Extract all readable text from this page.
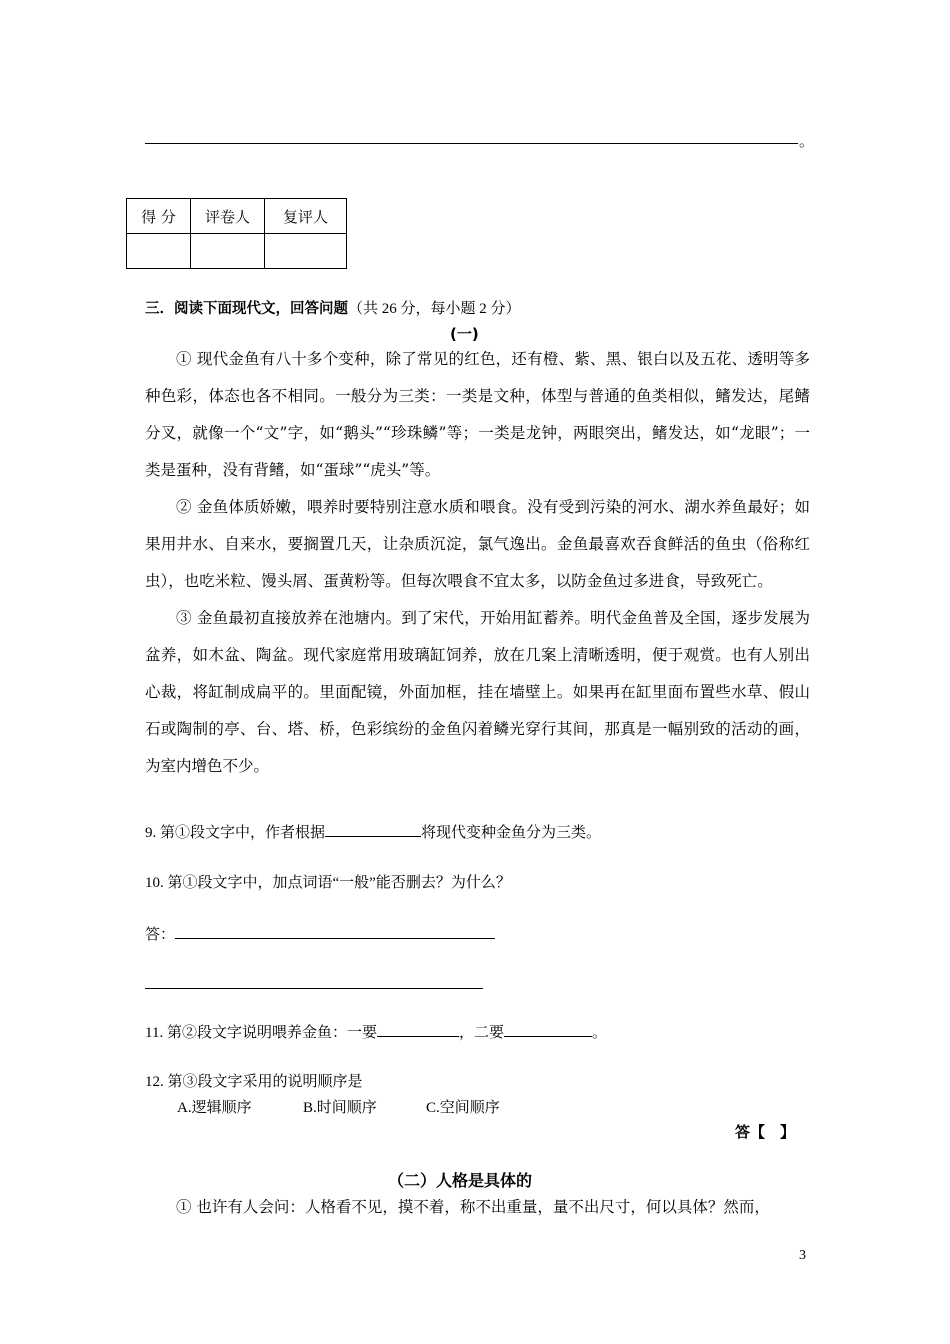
。
得 分	评卷人	复评人

三．阅读下面现代文，回答问题（共 26 分，每小题 2 分）
(一)

① 现代金鱼有八十多个变种，除了常见的红色，还有橙、紫、黑、银白以及五花、透明等多种色彩，体态也各不相同。一般分为三类：一类是文种，体型与普通的鱼类相似，鳍发达，尾鳍分叉，就像一个“文”字，如“鹅头”“珍珠鳞”等；一类是龙钟，两眼突出，鳍发达，如“龙眼”；一类是蛋种，没有背鳍，如“蛋球”“虎头”等。

② 金鱼体质娇嫩，喂养时要特别注意水质和喂食。没有受到污染的河水、湖水养鱼最好；如果用井水、自来水，要搁置几天，让杂质沉淀，氯气逸出。金鱼最喜欢吞食鲜活的鱼虫（俗称红虫），也吃米粒、馒头屑、蛋黄粉等。但每次喂食不宜太多，以防金鱼过多进食，导致死亡。

③ 金鱼最初直接放养在池塘内。到了宋代，开始用缸蓄养。明代金鱼普及全国，逐步发展为盆养，如木盆、陶盆。现代家庭常用玻璃缸饲养，放在几案上清晰透明，便于观赏。也有人别出心裁，将缸制成扁平的。里面配镜，外面加框，挂在墙壁上。如果再在缸里面布置些水草、假山石或陶制的亭、台、塔、桥，色彩缤纷的金鱼闪着鳞光穿行其间，那真是一幅别致的活动的画，为室内增色不少。

9. 第①段文字中，作者根据	将现代变种金鱼分为三类。
10. 第①段文字中，加点词语“一般”能否删去？为什么？
答：
11. 第②段文字说明喂养金鱼：一要	，二要	。
12. 第③段文字采用的说明顺序是
A.逻辑顺序	B.时间顺序	C.空间顺序
答【　】
（二）人格是具体的
① 也许有人会问：人格看不见，摸不着，称不出重量，量不出尺寸，何以具体？然而，
3
